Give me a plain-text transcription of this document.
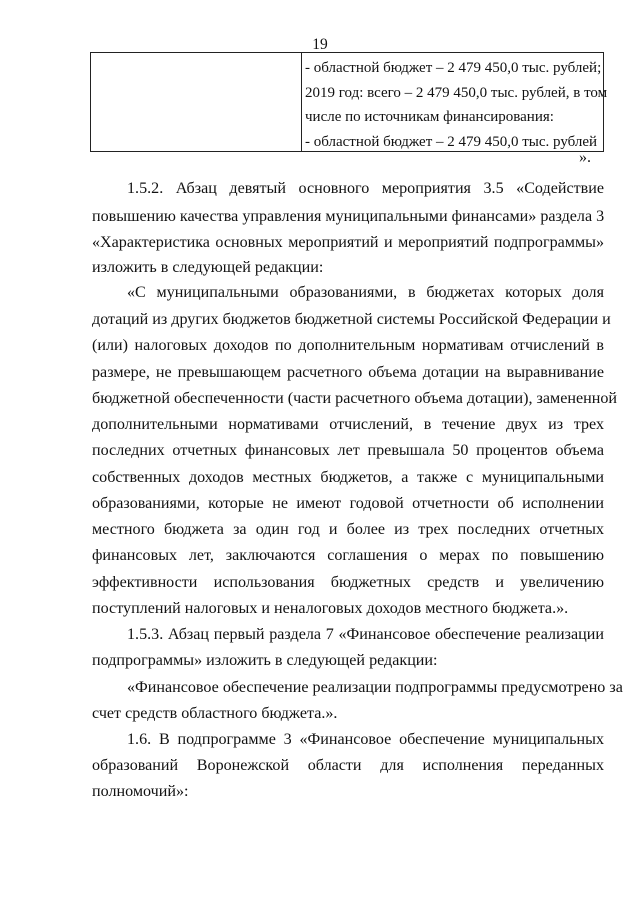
19
- областной бюджет – 2 479 450,0 тыс. рублей;
2019 год: всего – 2 479 450,0 тыс. рублей, в том
числе по источникам финансирования:
- областной бюджет – 2 479 450,0 тыс. рублей
».
1.5.2. Абзац девятый основного мероприятия 3.5 «Содействие
повышению качества управления муниципальными финансами» раздела 3
«Характеристика основных мероприятий и мероприятий подпрограммы»
изложить в следующей редакции:
«С муниципальными образованиями, в бюджетах которых доля
дотаций из других бюджетов бюджетной системы Российской Федерации и
(или) налоговых доходов по дополнительным нормативам отчислений в
размере, не превышающем расчетного объема дотации на выравнивание
бюджетной обеспеченности (части расчетного объема дотации), замененной
дополнительными нормативами отчислений, в течение двух из трех
последних отчетных финансовых лет превышала 50 процентов объема
собственных доходов местных бюджетов, а также с муниципальными
образованиями, которые не имеют годовой отчетности об исполнении
местного бюджета за один год и более из трех последних отчетных
финансовых лет, заключаются соглашения о мерах по повышению
эффективности использования бюджетных средств и увеличению
поступлений налоговых и неналоговых доходов местного бюджета.».
1.5.3. Абзац первый раздела 7 «Финансовое обеспечение реализации
подпрограммы» изложить в следующей редакции:
«Финансовое обеспечение реализации подпрограммы предусмотрено за
счет средств областного бюджета.».
1.6. В подпрограмме 3 «Финансовое обеспечение муниципальных
образований Воронежской области для исполнения переданных
полномочий»:
